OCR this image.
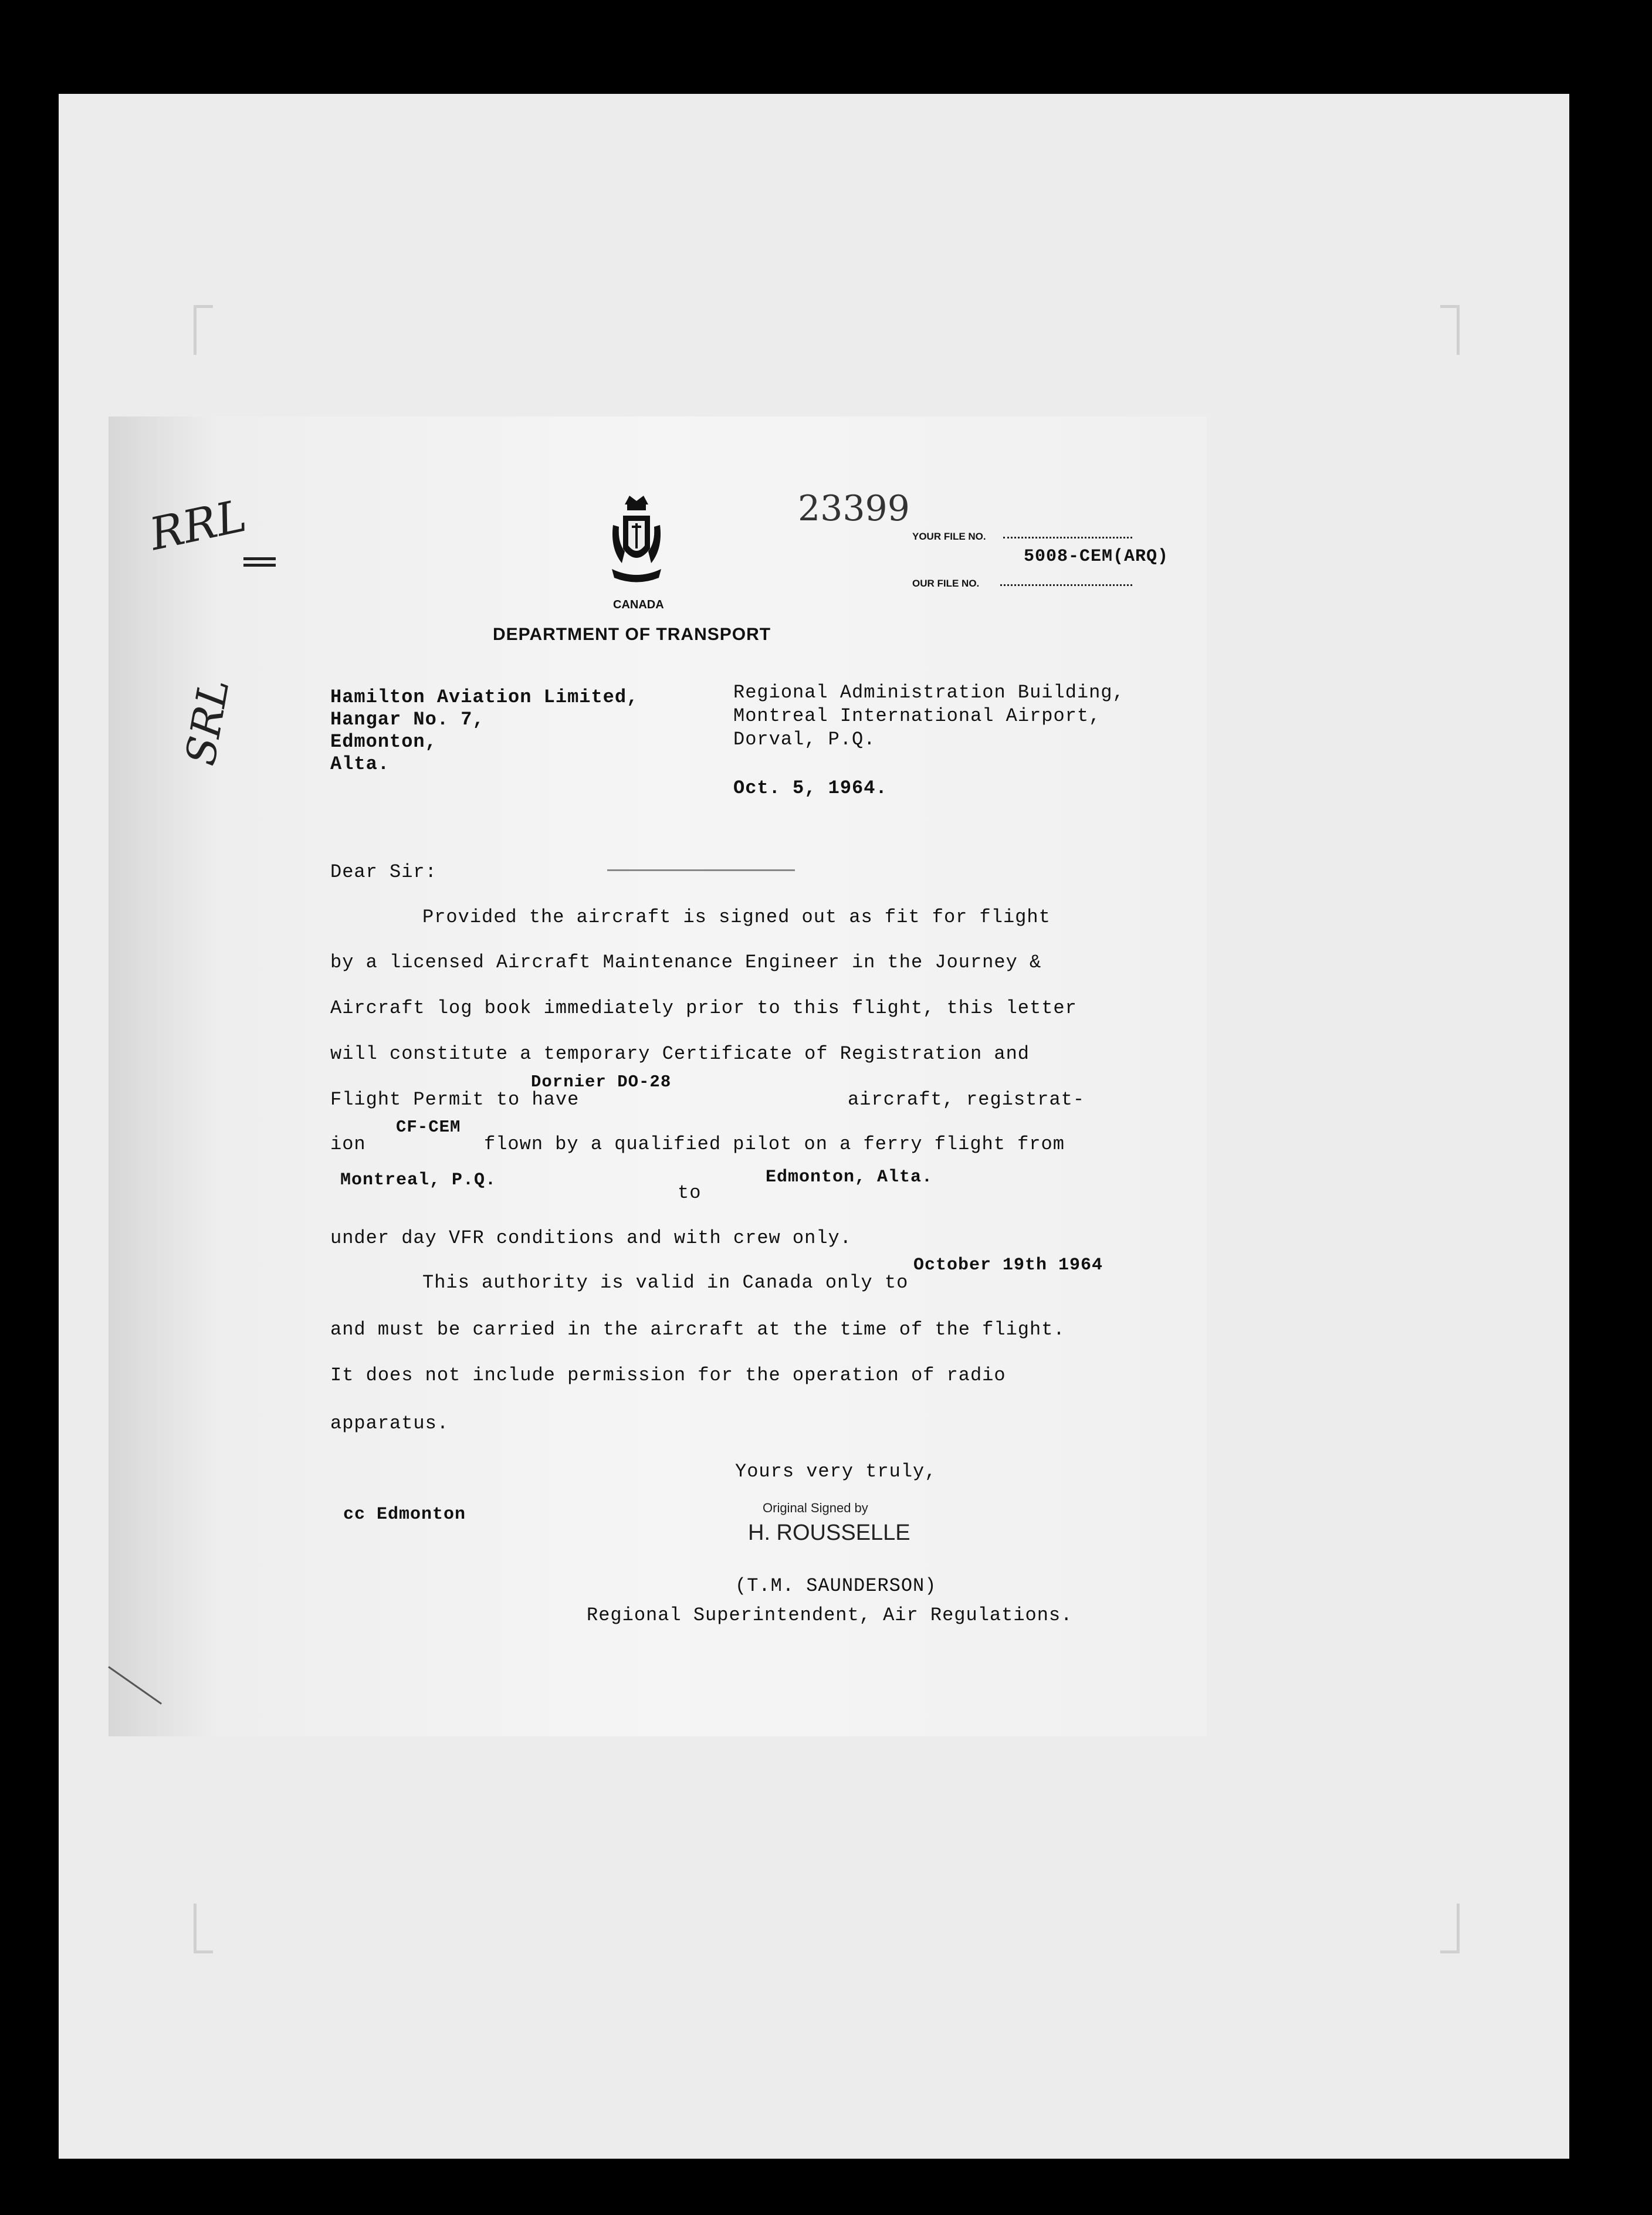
RRL
SRL
23399
CANADA
DEPARTMENT OF TRANSPORT
YOUR FILE NO.
OUR FILE NO.
5008-CEM(ARQ)
Hamilton Aviation Limited,
Hangar No. 7,
Edmonton,
Alta.
Regional Administration Building,
Montreal International Airport,
Dorval, P.Q.
Oct. 5, 1964.
Dear Sir:
Provided the aircraft is signed out as fit for flight
by a licensed Aircraft Maintenance Engineer in the Journey &
Aircraft log book immediately prior to this flight, this letter
will constitute a temporary Certificate of Registration and
Flight Permit to have
Dornier DO-28
aircraft, registrat-
ion
CF-CEM
flown by a qualified pilot on a ferry flight from
Montreal, P.Q.
to
Edmonton, Alta.
under day VFR conditions and with crew only.
This authority is valid in Canada only to
October 19th 1964
and must be carried in the aircraft at the time of the flight.
It does not include permission for the operation of radio
apparatus.
Yours very truly,
cc Edmonton	Original Signed by
H. ROUSSELLE
(T.M. SAUNDERSON)
Regional Superintendent, Air Regulations.
